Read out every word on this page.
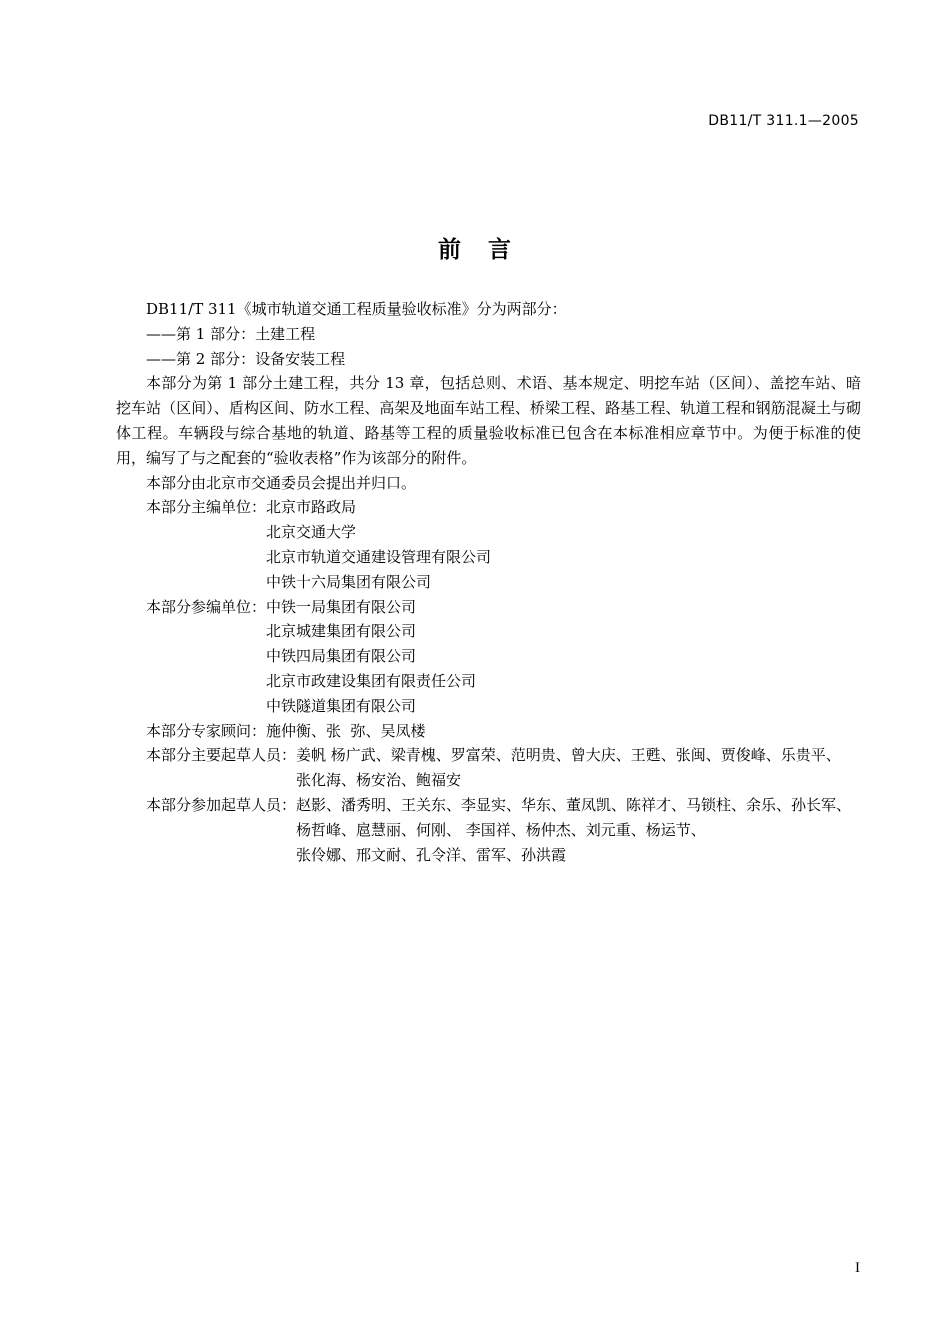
DB11/T 311.1—2005
前 言

DB11/T 311《城市轨道交通工程质量验收标准》分为两部分：

——第 1 部分：土建工程

——第 2 部分：设备安装工程

本部分为第 1 部分土建工程，共分 13 章，包括总则、术语、基本规定、明挖车站（区间）、盖挖车站、暗挖车站（区间）、盾构区间、防水工程、高架及地面车站工程、桥梁工程、路基工程、轨道工程和钢筋混凝土与砌体工程。车辆段与综合基地的轨道、路基等工程的质量验收标准已包含在本标准相应章节中。为便于标准的使用，编写了与之配套的“验收表格”作为该部分的附件。

本部分由北京市交通委员会提出并归口。

本部分主编单位： 北京市路政局
北京交通大学
北京市轨道交通建设管理有限公司
中铁十六局集团有限公司
本部分参编单位： 中铁一局集团有限公司
北京城建集团有限公司
中铁四局集团有限公司
北京市政建设集团有限责任公司
中铁隧道集团有限公司
本部分专家顾问： 施仲衡、张  弥、吴凤楼
本部分主要起草人员： 姜帆 杨广武、梁青槐、罗富荣、范明贵、曾大庆、王甦、张闽、贾俊峰、乐贵平、
张化海、杨安治、鲍福安
本部分参加起草人员： 赵影、潘秀明、王关东、李显实、华东、董凤凯、陈祥才、马锁柱、余乐、孙长军、
杨哲峰、扈慧丽、何刚、 李国祥、杨仲杰、刘元重、杨运节、
张伶娜、邢文耐、孔令洋、雷军、孙洪霞
I
